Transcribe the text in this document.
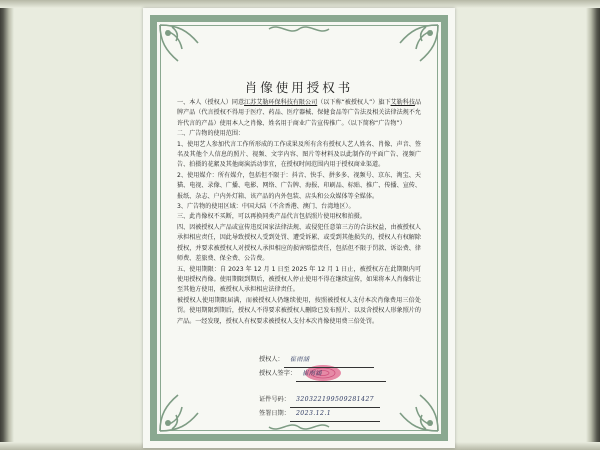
肖像使用授权书

一、本人（授权人）同意江苏艾勒环保科技有限公司（以下称“被授权人”）旗下艾勒科技品牌产品（代言授权不得用于医疗、药品、医疗器械、保健食品等广告法及相关法律法规不允许代言的产品）使用本人之肖像、姓名用于商业广告宣传推广。（以下简称“广告物”）

二、广告物的使用范围：

1、使用艺人参加代言工作所形成的工作成果及所有含有授权人艺人姓名、肖像、声音、签名及其他个人信息的照片、视频、文字内容、图片等材料及以此制作的平面广告、视频广告、拍摄的花絮及其他商演活动事宜，在授权时间范围内用于授权商业渠道。

2、使用媒介：所有媒介，包括但不限于：抖音、快手、拼多多、视频号、京东、淘宝、天猫、电视、录像、广播、电影、网络、广告牌、海报、印刷品、标贴、推广、传播、宣传、报纸、杂志、户内外灯箱、该产品的内外包装、店头和公众媒体等全媒体。

3、广告物的使用区域：中国大陆（不含香港、澳门、台湾地区）。

三、此肖像权不买断，可以再换同类产品代言包括照片使用权和拍摄。

四、因被授权人产品或宣传违反国家法律法规、或侵犯任意第三方的合法权益，由被授权人承担相应责任，因此导致授权人受到处罚、遭受诉累、或受到其他损失的，授权人有权解除授权，并要求被授权人对授权人承担相应的损害赔偿责任，包括但不限于罚款、诉讼费、律师费、差旅费、保全费、公告费。

五、使用期限：自 2023 年 12 月 1 日至 2025 年 12 月 1 日止，被授权方在此期限内可使用授权肖像。使用期限到期后，被授权人停止使用不得在继续宣传，如果将本人肖像转让至其他方使用，被授权人承担相应法律责任。

被授权人使用期限届满，而被授权人仍继续使用，按照被授权人支付本次肖像费用三倍处罚。使用期限到期后，授权人不得要求被授权人删除已发布照片、以及含授权人形象照片的产品。一经发现，授权人有权要求被授权人支付本次肖像使用费三倍处罚。

授权人： 崔雨涵
授权人签字： 崔雨涵
证件号码： 320322199509281427
签署日期： 2023.12.1
